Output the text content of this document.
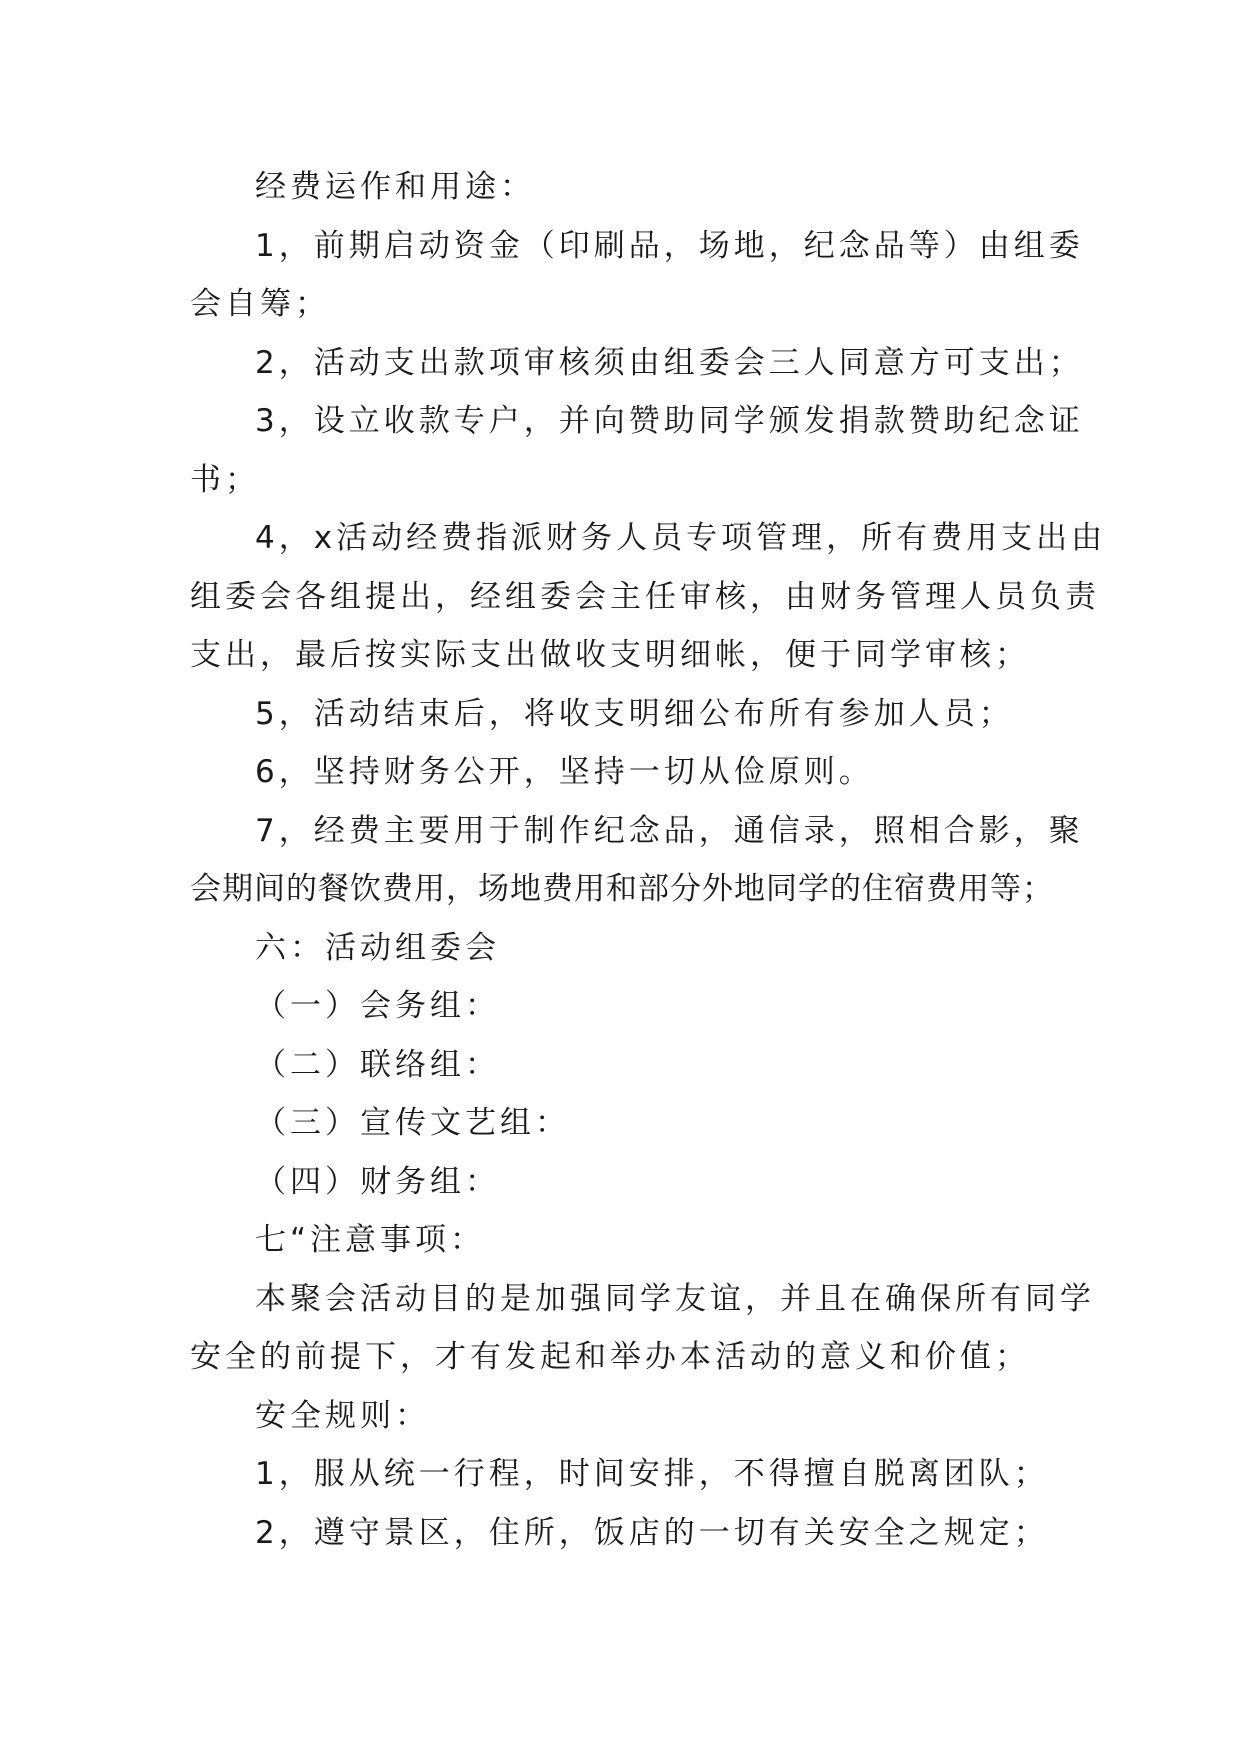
经费运作和用途：
1，前期启动资金（印刷品，场地，纪念品等）由组委
会自筹；
2，活动支出款项审核须由组委会三人同意方可支出；
3，设立收款专户，并向赞助同学颁发捐款赞助纪念证
书；
4，x活动经费指派财务人员专项管理，所有费用支出由
组委会各组提出，经组委会主任审核，由财务管理人员负责
支出，最后按实际支出做收支明细帐，便于同学审核；
5，活动结束后，将收支明细公布所有参加人员；
6，坚持财务公开，坚持一切从俭原则。
7，经费主要用于制作纪念品，通信录，照相合影，聚
会期间的餐饮费用，场地费用和部分外地同学的住宿费用等；
六：活动组委会
（一）会务组：
（二）联络组：
（三）宣传文艺组：
（四）财务组：
七“注意事项：
本聚会活动目的是加强同学友谊，并且在确保所有同学
安全的前提下，才有发起和举办本活动的意义和价值；
安全规则：
1，服从统一行程，时间安排，不得擅自脱离团队；
2，遵守景区，住所，饭店的一切有关安全之规定；
